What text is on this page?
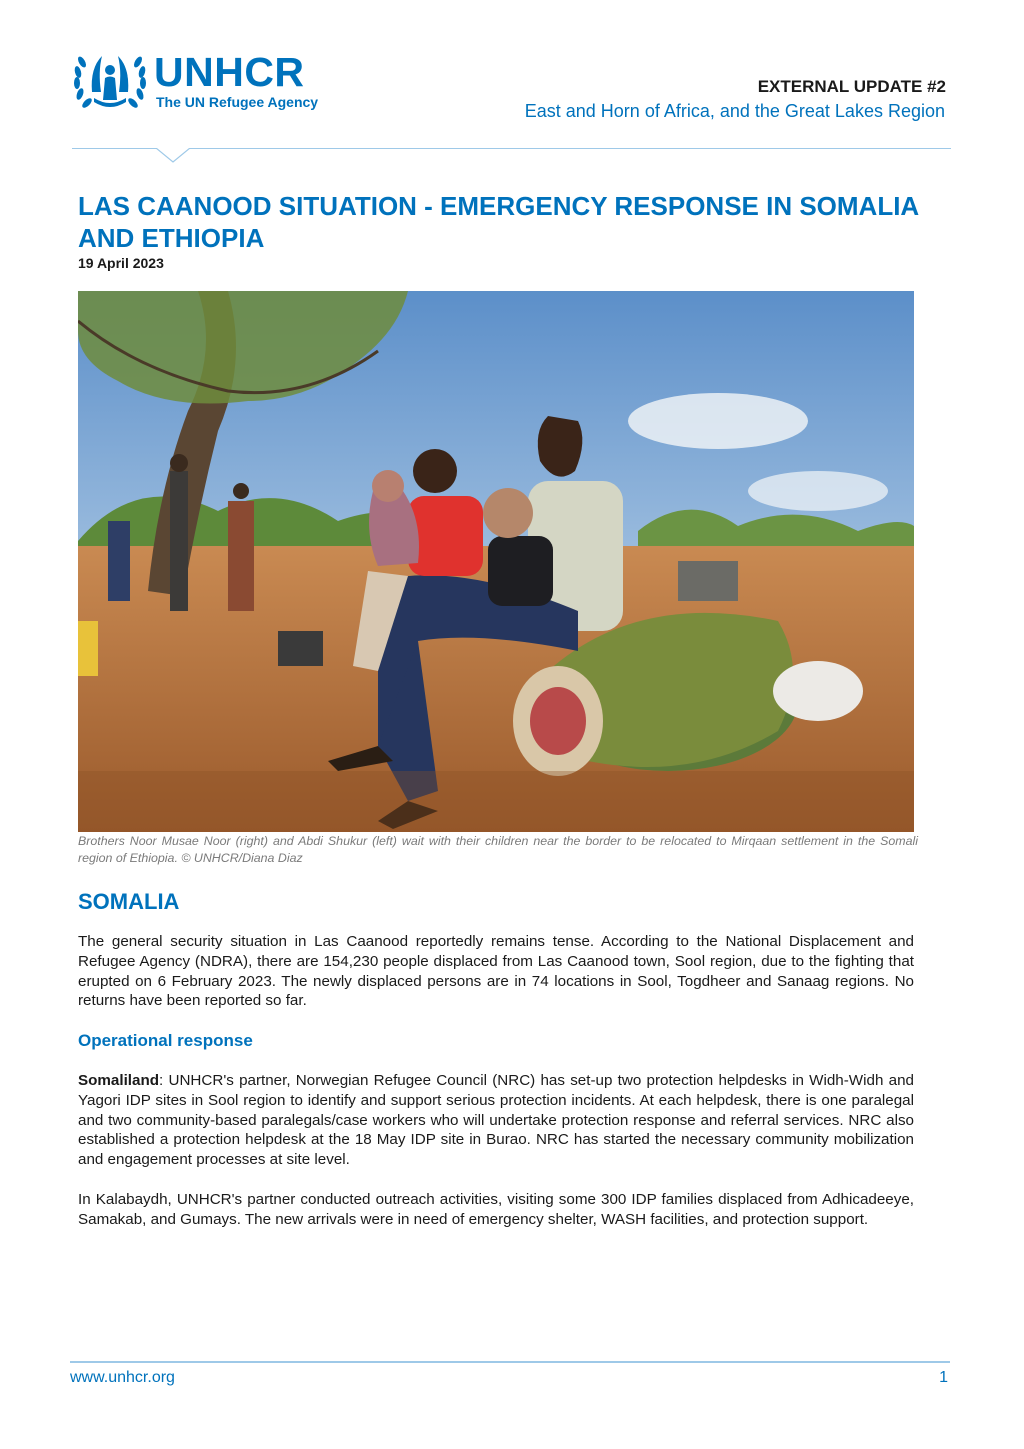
UNHCR
The UN Refugee Agency
EXTERNAL UPDATE #2
East and Horn of Africa, and the Great Lakes Region
LAS CAANOOD SITUATION - EMERGENCY RESPONSE IN SOMALIA AND ETHIOPIA
19 April 2023
Brothers Noor Musae Noor (right) and Abdi Shukur (left) wait with their children near the border to be relocated to Mirqaan settlement in the Somali region of Ethiopia. © UNHCR/Diana Diaz
SOMALIA

The general security situation in Las Caanood reportedly remains tense. According to the National Displacement and Refugee Agency (NDRA), there are 154,230 people displaced from Las Caanood town, Sool region, due to the fighting that erupted on 6 February 2023. The newly displaced persons are in 74 locations in Sool, Togdheer and Sanaag regions. No returns have been reported so far.

Operational response

Somaliland: UNHCR's partner, Norwegian Refugee Council (NRC) has set-up two protection helpdesks in Widh-Widh and Yagori IDP sites in Sool region to identify and support serious protection incidents. At each helpdesk, there is one paralegal and two community-based paralegals/case workers who will undertake protection response and referral services. NRC also established a protection helpdesk at the 18 May IDP site in Burao. NRC has started the necessary community mobilization and engagement processes at site level.

In Kalabaydh, UNHCR's partner conducted outreach activities, visiting some 300 IDP families displaced from Adhicadeeye, Samakab, and Gumays. The new arrivals were in need of emergency shelter, WASH facilities, and protection support.

www.unhcr.org	1
